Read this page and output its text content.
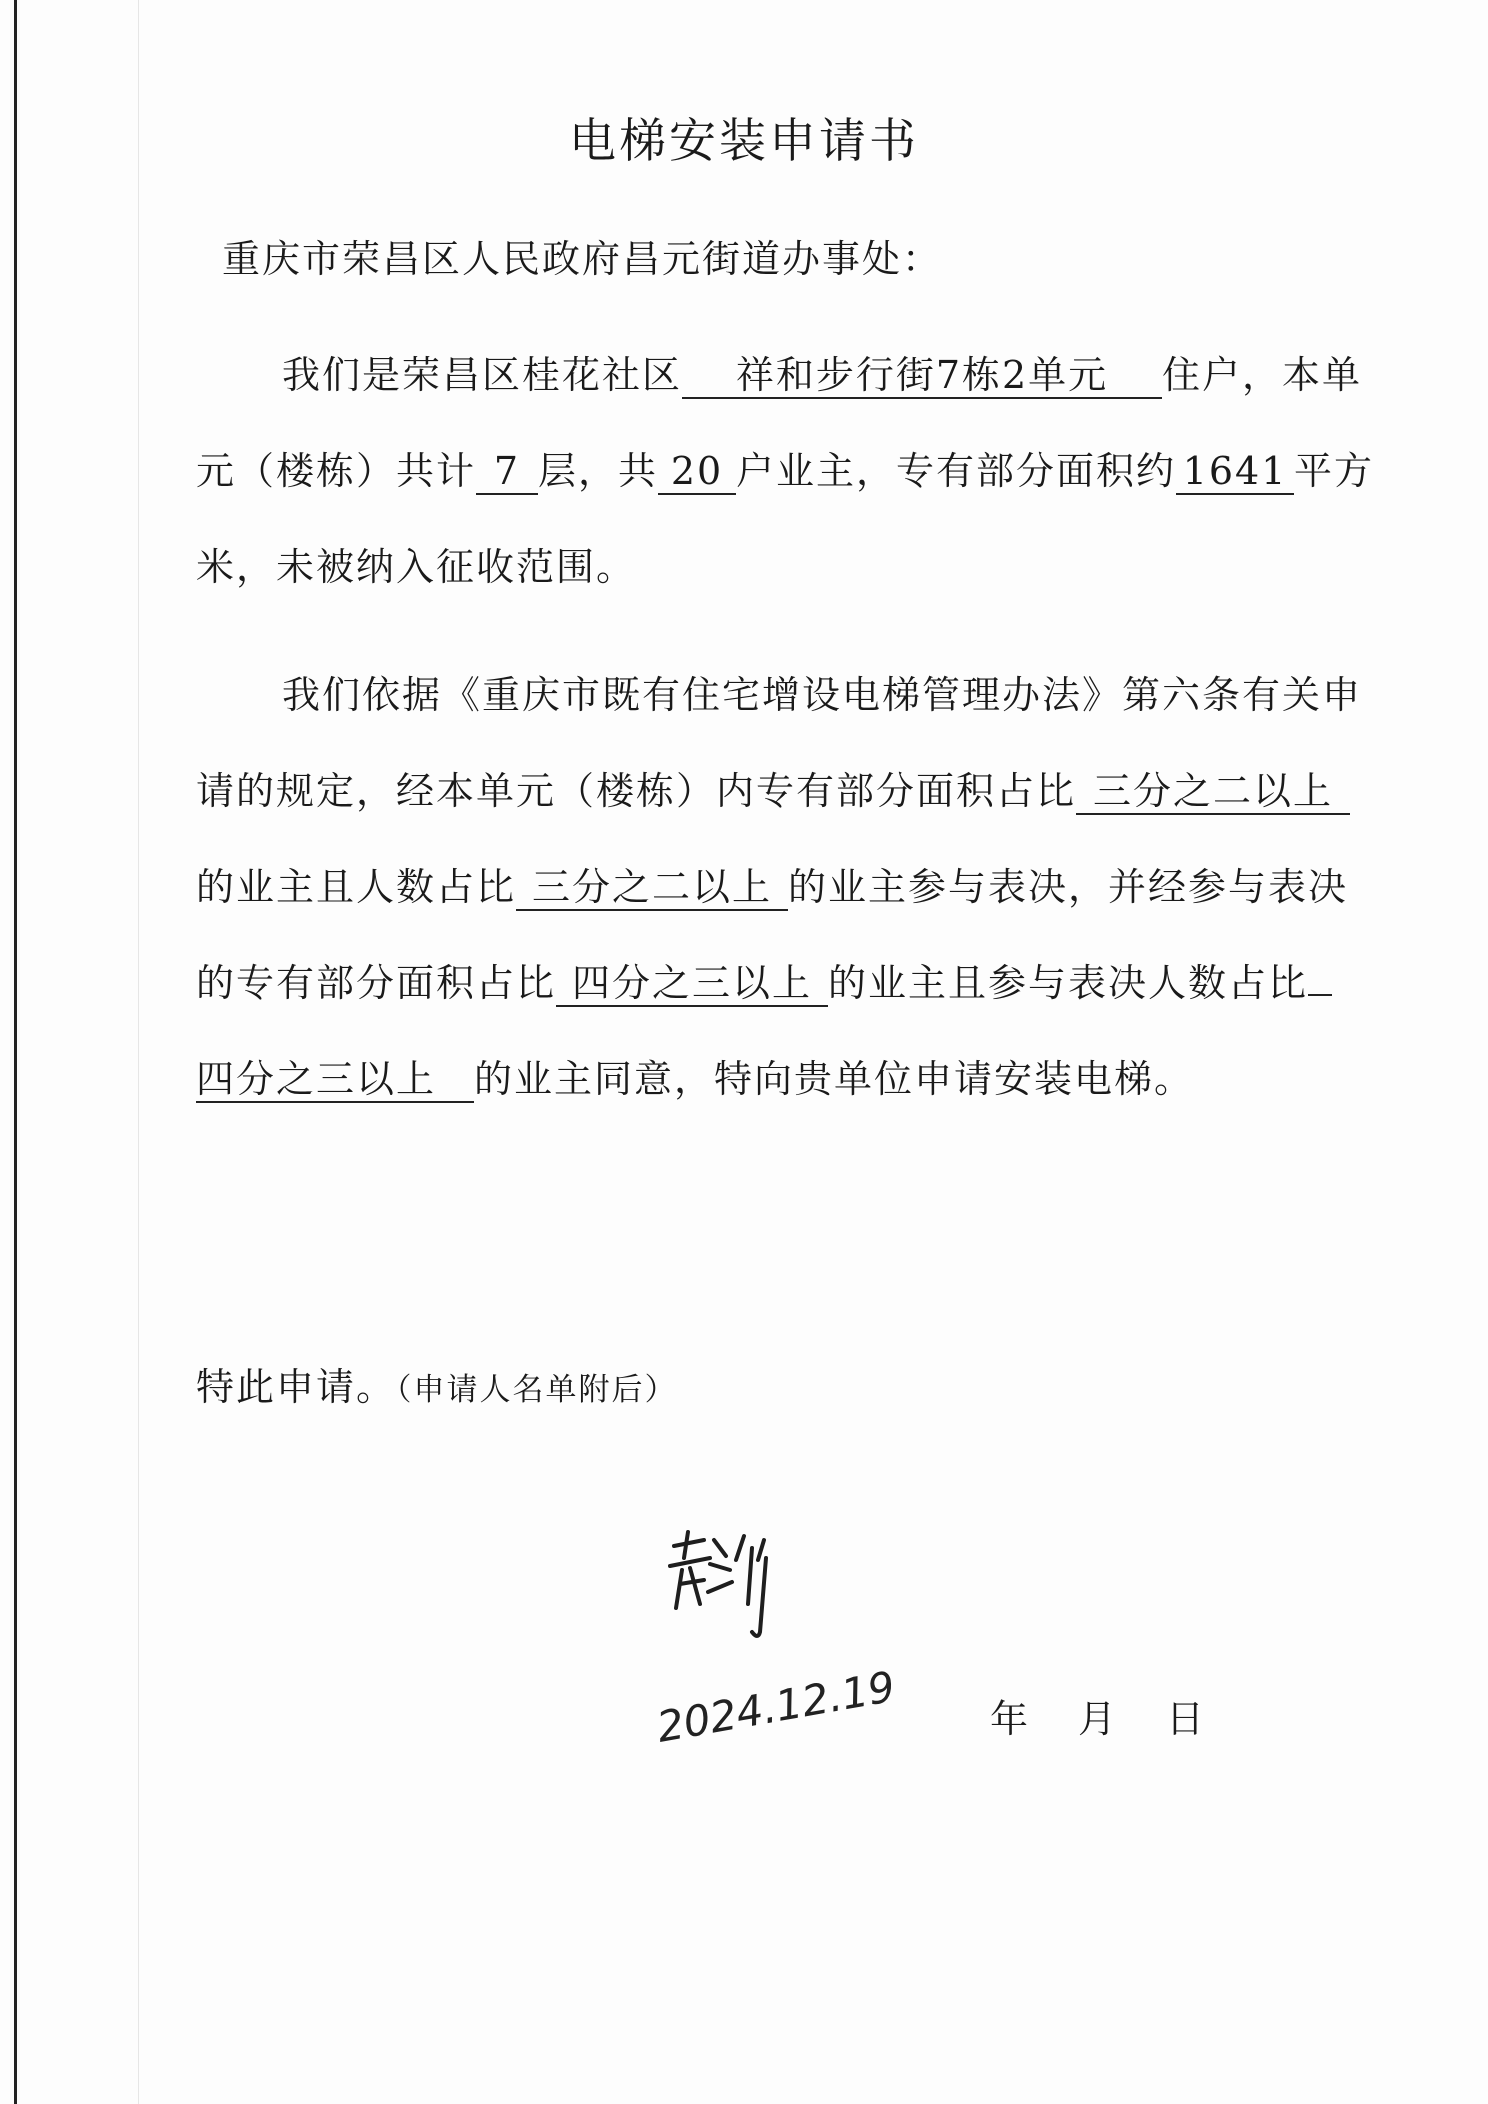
电梯安装申请书
重庆市荣昌区人民政府昌元街道办事处：
我们是荣昌区桂花社区 祥和步行街7栋2单元 住户，本单
元（楼栋）共计 7 层，共 20 户业主，专有部分面积约 1641 平方
米，未被纳入征收范围。
我们依据《重庆市既有住宅增设电梯管理办法》第六条有关申
请的规定，经本单元（楼栋）内专有部分面积占比 三分之二以上
的业主且人数占比 三分之二以上 的业主参与表决，并经参与表决
的专有部分面积占比 四分之三以上 的业主且参与表决人数占比
四分之三以上 的业主同意，特向贵单位申请安装电梯。
特此申请。（申请人名单附后）
2024.12.19 年 月 日
